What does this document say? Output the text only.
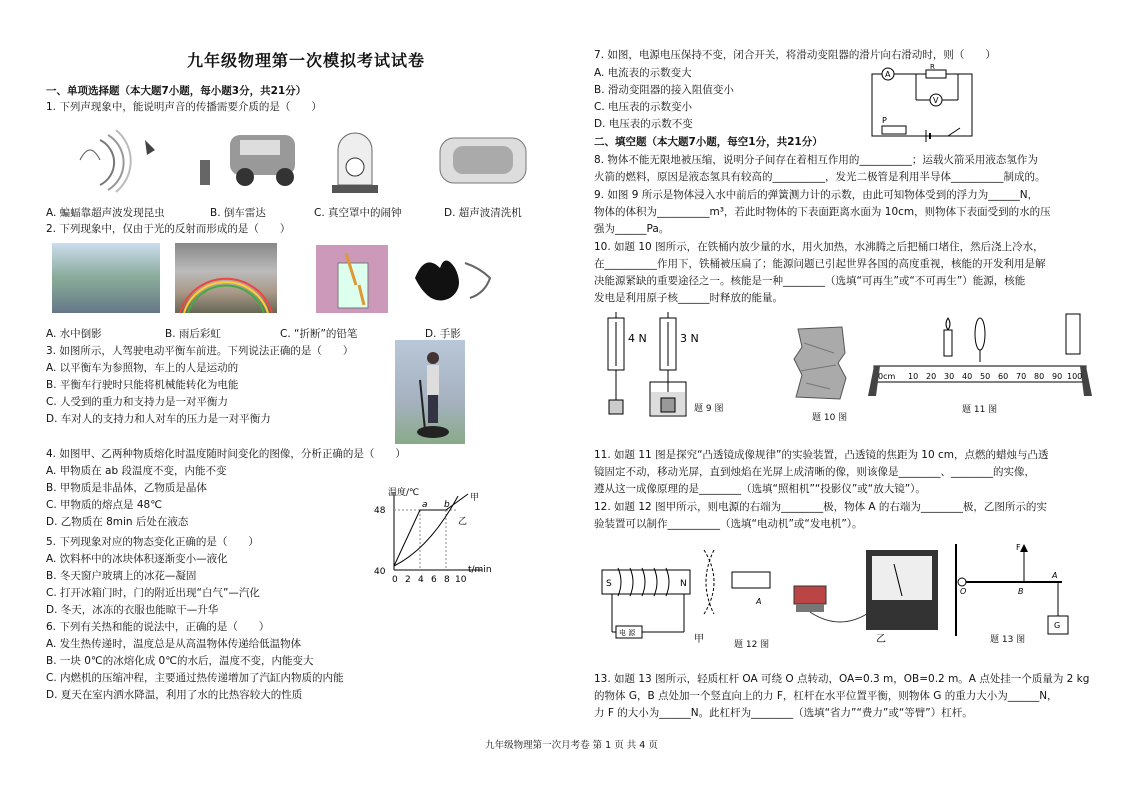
九年级物理第一次模拟考试试卷
一、单项选择题（本大题7小题，每小题3分，共21分）
1. 下列声现象中，能说明声音的传播需要介质的是（　　）
A. 蝙蝠靠超声波发现昆虫	B. 倒车雷达	C. 真空罩中的闹钟	D. 超声波清洗机
2. 下列现象中，仅由于光的反射而形成的是（　　）
A. 水中倒影	B. 雨后彩虹	C. “折断”的铅笔	D. 手影
3. 如图所示，人驾驶电动平衡车前进。下列说法正确的是（　　）
A. 以平衡车为参照物，车上的人是运动的
B. 平衡车行驶时只能将机械能转化为电能
C. 人受到的重力和支持力是一对平衡力
D. 车对人的支持力和人对车的压力是一对平衡力
4. 如图甲、乙两种物质熔化时温度随时间变化的图像，分析正确的是（　　）
A. 甲物质在 ab 段温度不变，内能不变
B. 甲物质是非晶体，乙物质是晶体
C. 甲物质的熔点是 48℃
D. 乙物质在 8min 后处在液态
温度/℃
48
40
0 2 4 6 8 10
t/min
a b
甲
乙
5. 下列现象对应的物态变化正确的是（　　）
A. 饮料杯中的冰块体积逐渐变小—液化
B. 冬天窗户玻璃上的冰花—凝固
C. 打开冰箱门时，门的附近出现“白气”—汽化
D. 冬天，冰冻的衣服也能晾干—升华
6. 下列有关热和能的说法中，正确的是（　　）
A. 发生热传递时，温度总是从高温物体传递给低温物体
B. 一块 0℃的冰熔化成 0℃的水后，温度不变，内能变大
C. 内燃机的压缩冲程，主要通过热传递增加了汽缸内物质的内能
D. 夏天在室内洒水降温，利用了水的比热容较大的性质
7. 如图，电源电压保持不变，闭合开关，将滑动变阻器的滑片向右滑动时，则（　　）
A. 电流表的示数变大
B. 滑动变阻器的接入阻值变小
C. 电压表的示数变小
D. 电压表的示数不变
A
R
V
P
二、填空题（本大题7小题，每空1分，共21分）
8. 物体不能无限地被压缩，说明分子间存在着相互作用的__________；运载火箭采用液态氢作为
火箭的燃料，原因是液态氢具有较高的__________，发光二极管是利用半导体__________制成的。
9. 如图 9 所示是物体浸入水中前后的弹簧测力计的示数，由此可知物体受到的浮力为______N，
物体的体积为__________m³，若此时物体的下表面距离水面为 10cm，则物体下表面受到的水的压
强为______Pa。
10. 如题 10 图所示，在铁桶内放少量的水，用火加热，水沸腾之后把桶口堵住，然后浇上冷水，
在__________作用下，铁桶被压扁了；能源问题已引起世界各国的高度重视，核能的开发利用是解
决能源紧缺的重要途径之一。核能是一种________（选填“可再生”或“不可再生”）能源，核能
发电是利用原子核______时释放的能量。
4 N	3 N
题 9 图
题 10 图
0cm 10 20 30 40 50 60 70 80 90 100
题 11 图
11. 如题 11 图是探究“凸透镜成像规律”的实验装置，凸透镜的焦距为 10 cm，点燃的蜡烛与凸透
镜固定不动，移动光屏，直到烛焰在光屏上成清晰的像，则该像是________、________的实像，
遵从这一成像原理的是________（选填“照相机”“投影仪”或“放大镜”）。
12. 如题 12 图甲所示，则电源的右端为________极，物体 A 的右端为________极，乙图所示的实
验装置可以制作__________（选填“电动机”或“发电机”）。
S	N
A
电 源
甲	乙
题 12 图
F
O	B
A
G
题 13 图
13. 如题 13 图所示，轻质杠杆 OA 可绕 O 点转动，OA=0.3 m，OB=0.2 m。A 点处挂一个质量为 2 kg
的物体 G，B 点处加一个竖直向上的力 F，杠杆在水平位置平衡，则物体 G 的重力大小为______N，
力 F 的大小为______N。此杠杆为________（选填“省力”“费力”或“等臂”）杠杆。
九年级物理第一次月考卷 第 1 页 共 4 页
